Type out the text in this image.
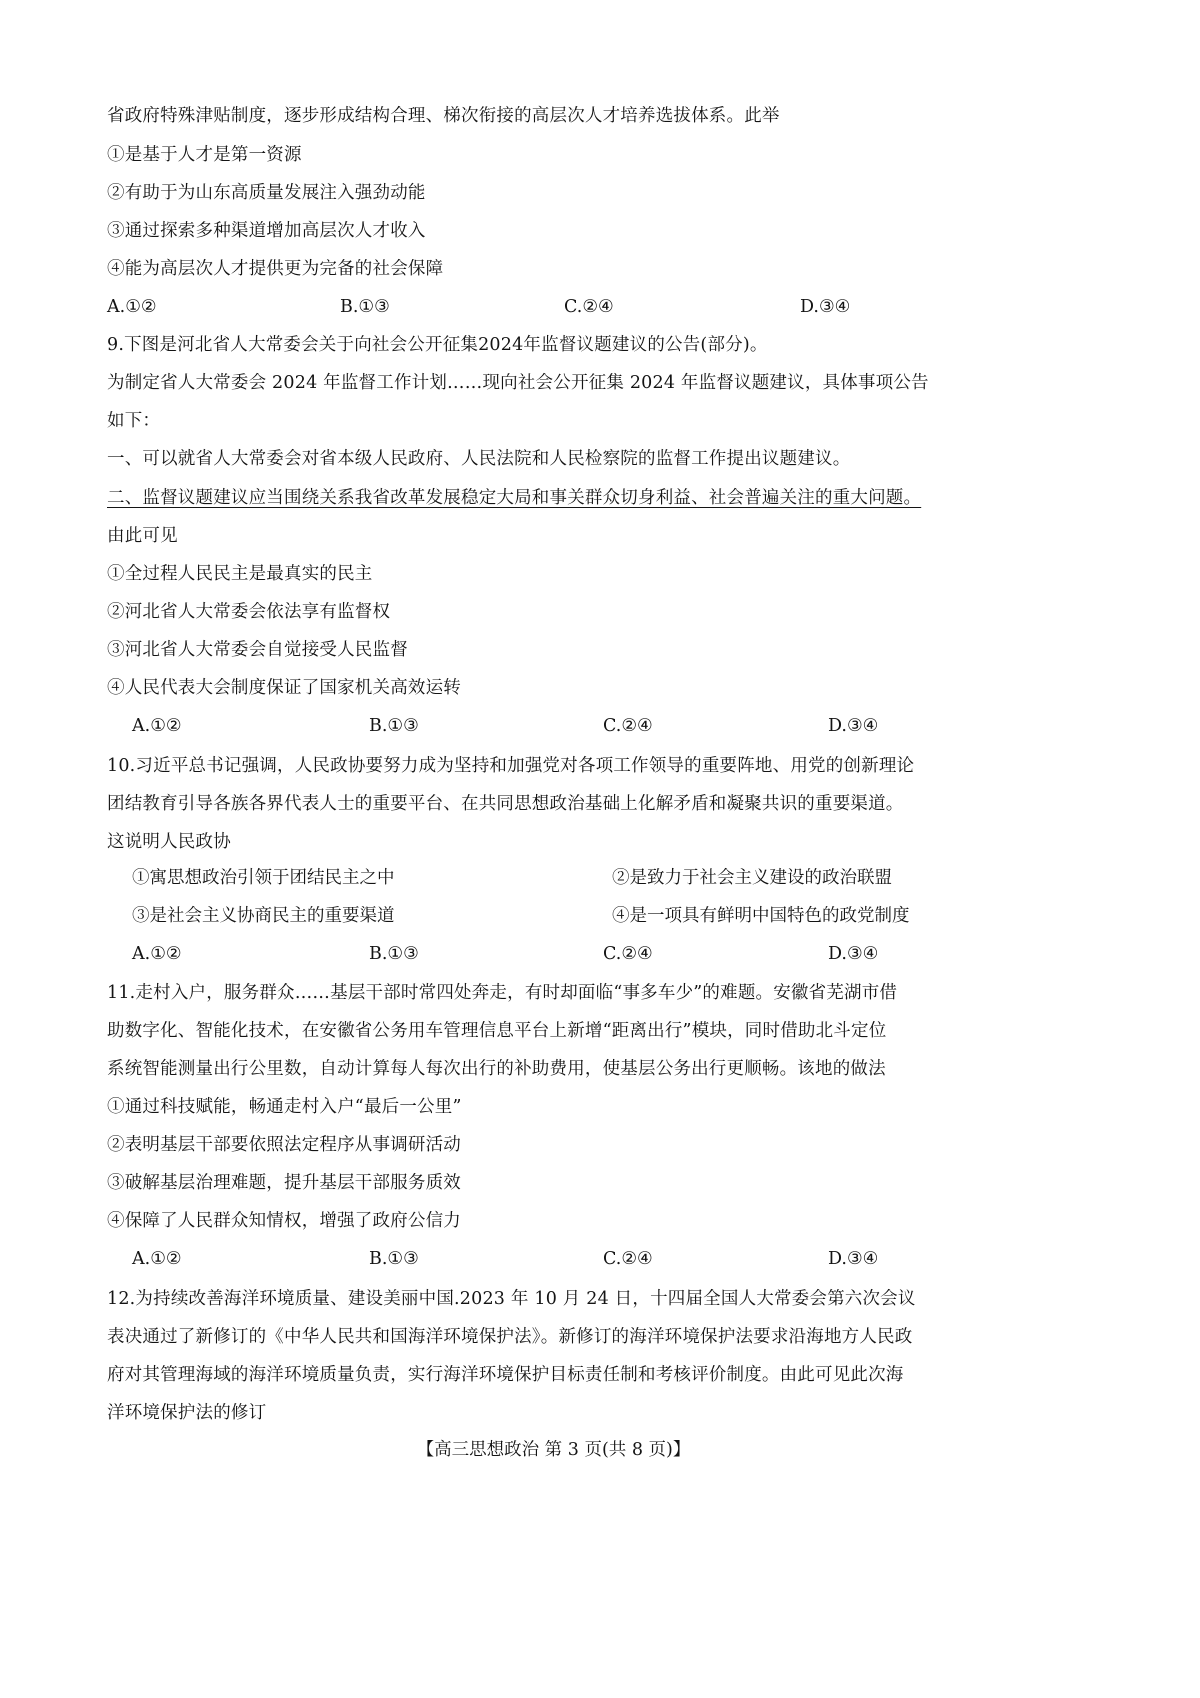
省政府特殊津贴制度，逐步形成结构合理、梯次衔接的高层次人才培养选拔体系。此举
①是基于人才是第一资源
②有助于为山东高质量发展注入强劲动能
③通过探索多种渠道增加高层次人才收入
④能为高层次人才提供更为完备的社会保障
A.①②	B.①③	C.②④	D.③④
9.下图是河北省人大常委会关于向社会公开征集2024年监督议题建议的公告(部分)。
为制定省人大常委会 2024 年监督工作计划……现向社会公开征集 2024 年监督议题建议，具体事项公告
如下：
一、可以就省人大常委会对省本级人民政府、人民法院和人民检察院的监督工作提出议题建议。
二、监督议题建议应当围绕关系我省改革发展稳定大局和事关群众切身利益、社会普遍关注的重大问题。
由此可见
①全过程人民民主是最真实的民主
②河北省人大常委会依法享有监督权
③河北省人大常委会自觉接受人民监督
④人民代表大会制度保证了国家机关高效运转
A.①②	B.①③	C.②④	D.③④
10.习近平总书记强调，人民政协要努力成为坚持和加强党对各项工作领导的重要阵地、用党的创新理论
团结教育引导各族各界代表人士的重要平台、在共同思想政治基础上化解矛盾和凝聚共识的重要渠道。
这说明人民政协
①寓思想政治引领于团结民主之中	②是致力于社会主义建设的政治联盟
③是社会主义协商民主的重要渠道	④是一项具有鲜明中国特色的政党制度
A.①②	B.①③	C.②④	D.③④
11.走村入户，服务群众……基层干部时常四处奔走，有时却面临“事多车少”的难题。安徽省芜湖市借
助数字化、智能化技术，在安徽省公务用车管理信息平台上新增“距离出行”模块，同时借助北斗定位
系统智能测量出行公里数，自动计算每人每次出行的补助费用，使基层公务出行更顺畅。该地的做法
①通过科技赋能，畅通走村入户“最后一公里”
②表明基层干部要依照法定程序从事调研活动
③破解基层治理难题，提升基层干部服务质效
④保障了人民群众知情权，增强了政府公信力
A.①②	B.①③	C.②④	D.③④
12.为持续改善海洋环境质量、建设美丽中国.2023 年 10 月 24 日，十四届全国人大常委会第六次会议
表决通过了新修订的《中华人民共和国海洋环境保护法》。新修订的海洋环境保护法要求沿海地方人民政
府对其管理海域的海洋环境质量负责，实行海洋环境保护目标责任制和考核评价制度。由此可见此次海
洋环境保护法的修订
【高三思想政治 第 3 页(共 8 页)】
